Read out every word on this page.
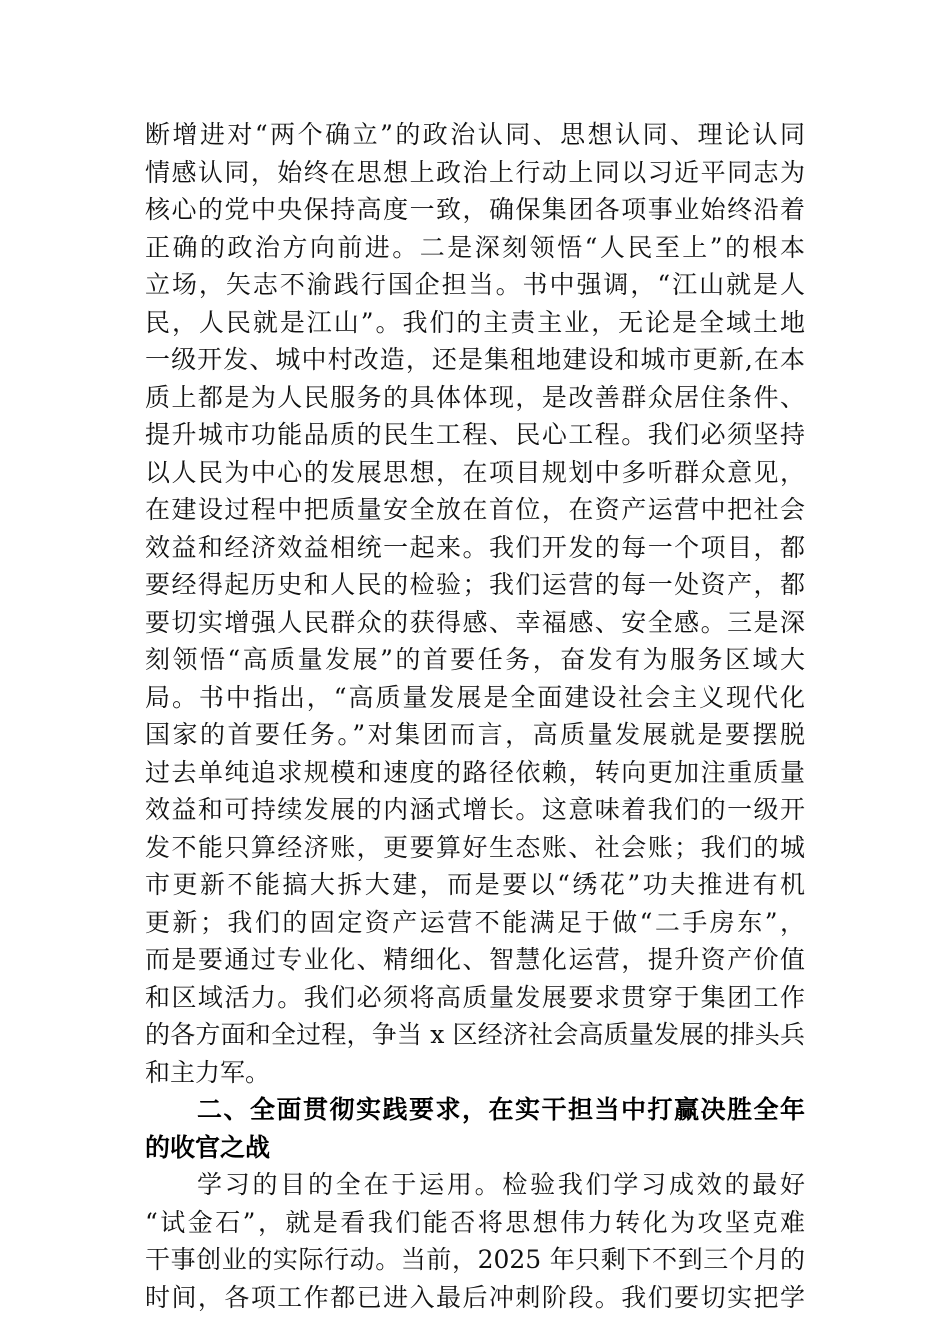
断增进对“两个确立”的政治认同、思想认同、理论认同
情感认同，始终在思想上政治上行动上同以习近平同志为
核心的党中央保持高度一致，确保集团各项事业始终沿着
正确的政治方向前进。二是深刻领悟“人民至上”的根本
立场，矢志不渝践行国企担当。书中强调，“江山就是人
民，人民就是江山”。我们的主责主业，无论是全域土地
一级开发、城中村改造，还是集租地建设和城市更新,在本
质上都是为人民服务的具体体现，是改善群众居住条件、
提升城市功能品质的民生工程、民心工程。我们必须坚持
以人民为中心的发展思想，在项目规划中多听群众意见，
在建设过程中把质量安全放在首位，在资产运营中把社会
效益和经济效益相统一起来。我们开发的每一个项目，都
要经得起历史和人民的检验；我们运营的每一处资产，都
要切实增强人民群众的获得感、幸福感、安全感。三是深
刻领悟“高质量发展”的首要任务，奋发有为服务区域大
局。书中指出，“高质量发展是全面建设社会主义现代化
国家的首要任务。”对集团而言，高质量发展就是要摆脱
过去单纯追求规模和速度的路径依赖，转向更加注重质量
效益和可持续发展的内涵式增长。这意味着我们的一级开
发不能只算经济账，更要算好生态账、社会账；我们的城
市更新不能搞大拆大建，而是要以“绣花”功夫推进有机
更新；我们的固定资产运营不能满足于做“二手房东”，
而是要通过专业化、精细化、智慧化运营，提升资产价值
和区域活力。我们必须将高质量发展要求贯穿于集团工作
的各方面和全过程，争当 x 区经济社会高质量发展的排头兵
和主力军。
二、全面贯彻实践要求，在实干担当中打赢决胜全年
的收官之战
学习的目的全在于运用。检验我们学习成效的最好
“试金石”，就是看我们能否将思想伟力转化为攻坚克难
干事创业的实际行动。当前，2025 年只剩下不到三个月的
时间，各项工作都已进入最后冲刺阶段。我们要切实把学
